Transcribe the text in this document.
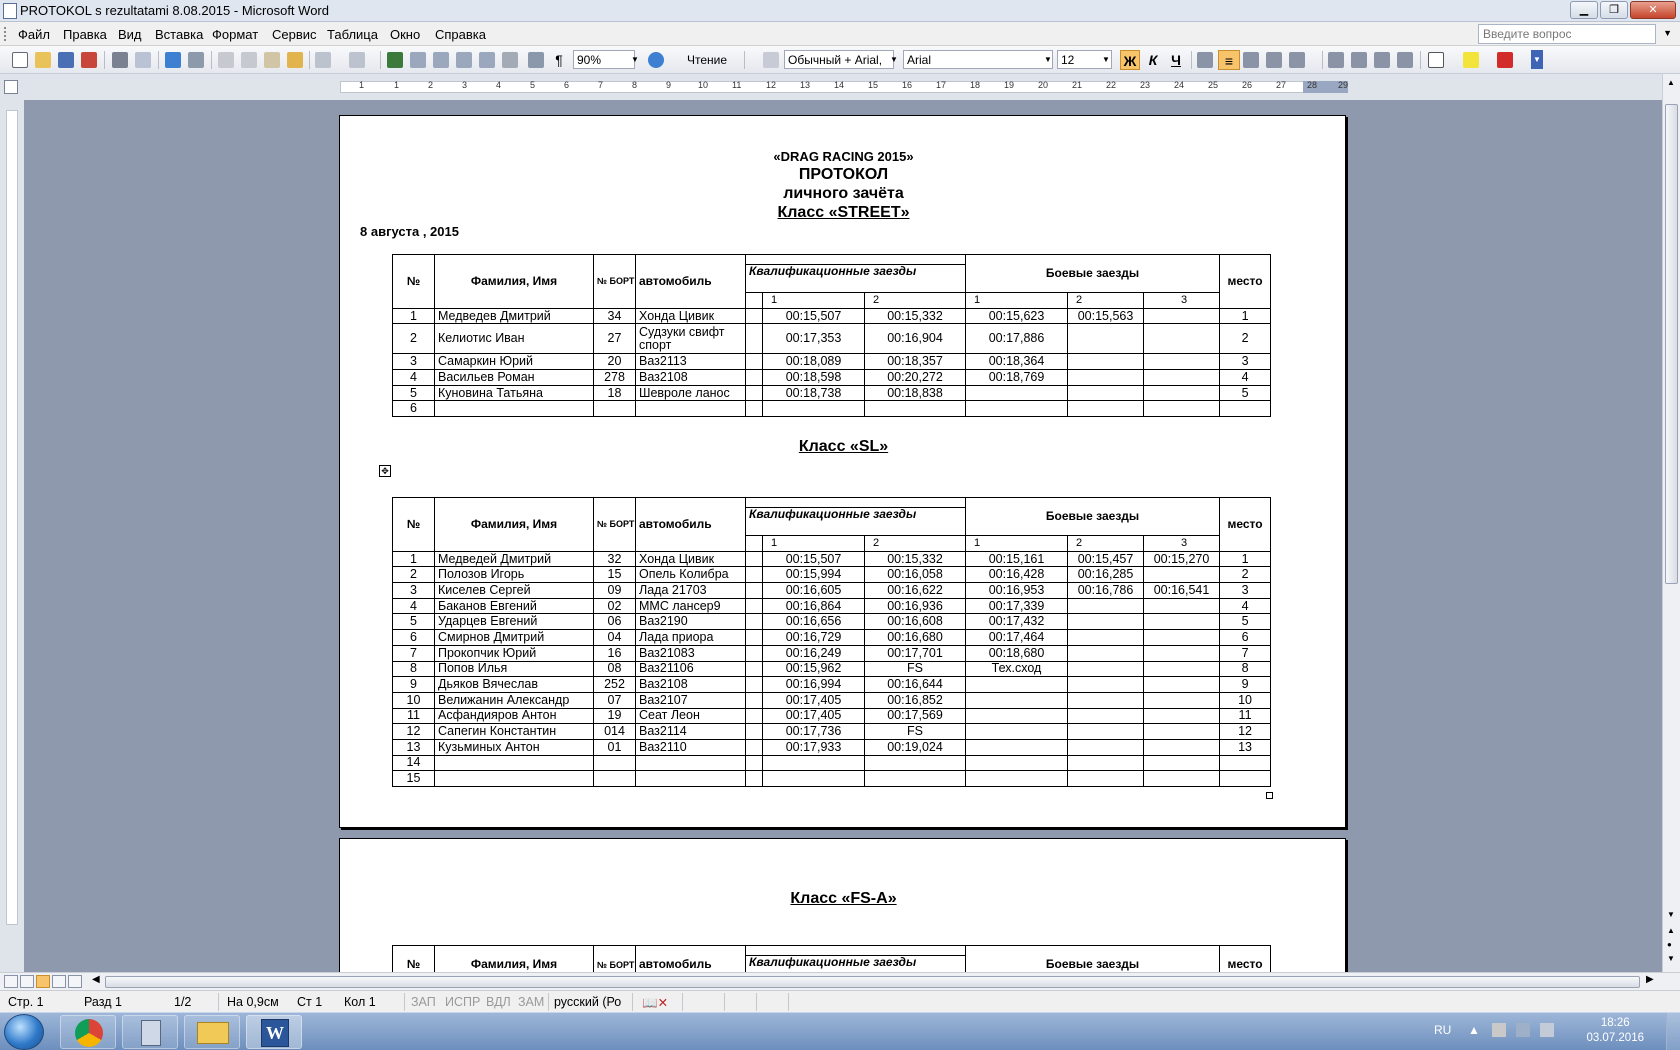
PROTOKOL s rezultatami 8.08.2015 - Microsoft Word	▁	❐	✕
Файл Правка Вид Вставка Формат Сервис Таблица Окно Справка	Введите вопрос	▼
¶	90%	▼	Чтение	Обычный + Arial, ▼ Arial	▼ 12	▼ Ж К Ч	≡	▼
1	1	2	3	4	5	6	7	8	9	10	11	12	13	14	15	16	17	18	19	20	21	22	23	24	25	26	27 28 29	▲
▼
▲
●
▼
«DRAG RACING 2015»
ПРОТОКОЛ
личного зачёта
Класс «STREET»
8 августа , 2015
№	Фамилия, Имя	№ БОРТ	автомобиль				Боевые заезды			место
				Квалификационные заезды						
					1	2	1	2	3	
1	Медведев Дмитрий	34	Хонда Цивик		00:15,507	00:15,332	00:15,623	00:15,563		1
2	Келиотис Иван	27	Судзуки свифт спорт		00:17,353	00:16,904	00:17,886			2
3	Самаркин Юрий	20	Ваз2113		00:18,089	00:18,357	00:18,364			3
4	Васильев Роман	278	Ваз2108		00:18,598	00:20,272	00:18,769			4
5	Куновина Татьяна	18	Шевроле ланос		00:18,738	00:18,838				5
6										
Класс «SL»
✥
№	Фамилия, Имя	№ БОРТ	автомобиль				Боевые заезды			место
				Квалификационные заезды						
					1	2	1	2	3	
1	Медведей Дмитрий	32	Хонда Цивик		00:15,507	00:15,332	00:15,161	00:15,457	00:15,270	1
2	Полозов Игорь	15	Опель Колибра		00:15,994	00:16,058	00:16,428	00:16,285		2
3	Киселев Сергей	09	Лада 21703		00:16,605	00:16,622	00:16,953	00:16,786	00:16,541	3
4	Баканов Евгений	02	ММС лансер9		00:16,864	00:16,936	00:17,339			4
5	Ударцев Евгений	06	Ваз2190		00:16,656	00:16,608	00:17,432			5
6	Смирнов Дмитрий	04	Лада приора		00:16,729	00:16,680	00:17,464			6
7	Прокопчик Юрий	16	Ваз21083		00:16,249	00:17,701	00:18,680			7
8	Попов Илья	08	Ваз21106		00:15,962	FS	Тех.сход			8
9	Дьяков Вячеслав	252	Ваз2108		00:16,994	00:16,644				9
10	Велижанин Александр	07	Ваз2107		00:17,405	00:16,852				10
11	Асфандияров Антон	19	Сеат Леон		00:17,405	00:17,569				11
12	Сапегин Константин	014	Ваз2114		00:17,736	FS				12
13	Кузьминых Антон	01	Ваз2110		00:17,933	00:19,024				13
14										
15										
Класс «FS-A»
№	Фамилия, Имя	№ БОРТ	автомобиль		Боевые заезды	место
Квалификационные заезды
◀	▶
Стр. 1	Разд 1	1/2	На 0,9см Ст 1 Кол 1	ЗАП ИСПР ВДЛ ЗАМ русский (Ро 📖✕
W	RU ▲	18:26
03.07.2016
